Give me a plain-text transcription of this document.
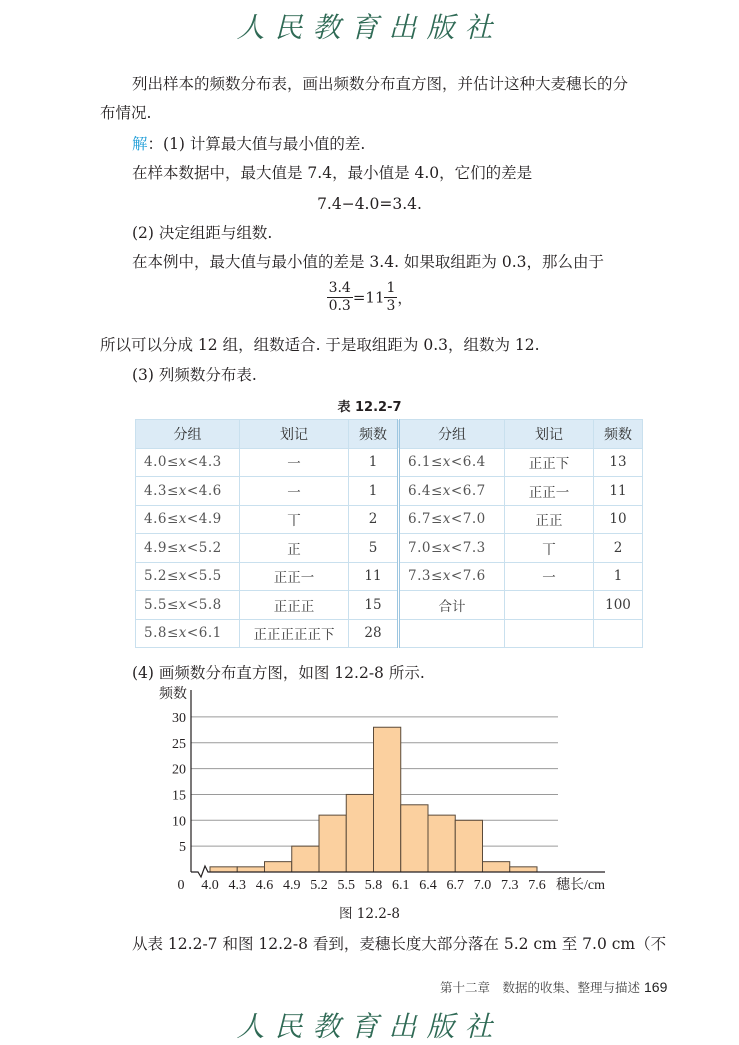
人民教育出版社
列出样本的频数分布表，画出频数分布直方图，并估计这种大麦穗长的分
布情况.
解：(1) 计算最大值与最小值的差.
在样本数据中，最大值是 7.4，最小值是 4.0，它们的差是
7.4−4.0=3.4.
(2) 决定组距与组数.
在本例中，最大值与最小值的差是 3.4. 如果取组距为 0.3，那么由于
$\frac{3.4}{0.3} =11 \frac{1}{3}$ ，
所以可以分成 12 组，组数适合. 于是取组距为 0.3，组数为 12.
(3) 列频数分布表.
表 12.2-7
分组	划记	频数	分组	划记	频数
4.0≤x<4.3	一	1	6.1≤x<6.4	正正下	13
4.3≤x<4.6	一	1	6.4≤x<6.7	正正一	11
4.6≤x<4.9	丅	2	6.7≤x<7.0	正正	10
4.9≤x<5.2	正	5	7.0≤x<7.3	丅	2
5.2≤x<5.5	正正一	11	7.3≤x<7.6	一	1
5.5≤x<5.8	正正正	15	合计		100
5.8≤x<6.1	正正正正正下	28			
(4) 画频数分布直方图，如图 12.2-8 所示.
5
10
15
20
25
30
4.0 4.3 4.6 4.9 5.2 5.5 5.8 6.1 6.4 6.7 7.0 7.3 7.6
0
频数
穗长/cm
图 12.2-8
从表 12.2-7 和图 12.2-8 看到，麦穗长度大部分落在 5.2 cm 至 7.0 cm（不
第十二章　数据的收集、整理与描述 169
人民教育出版社
